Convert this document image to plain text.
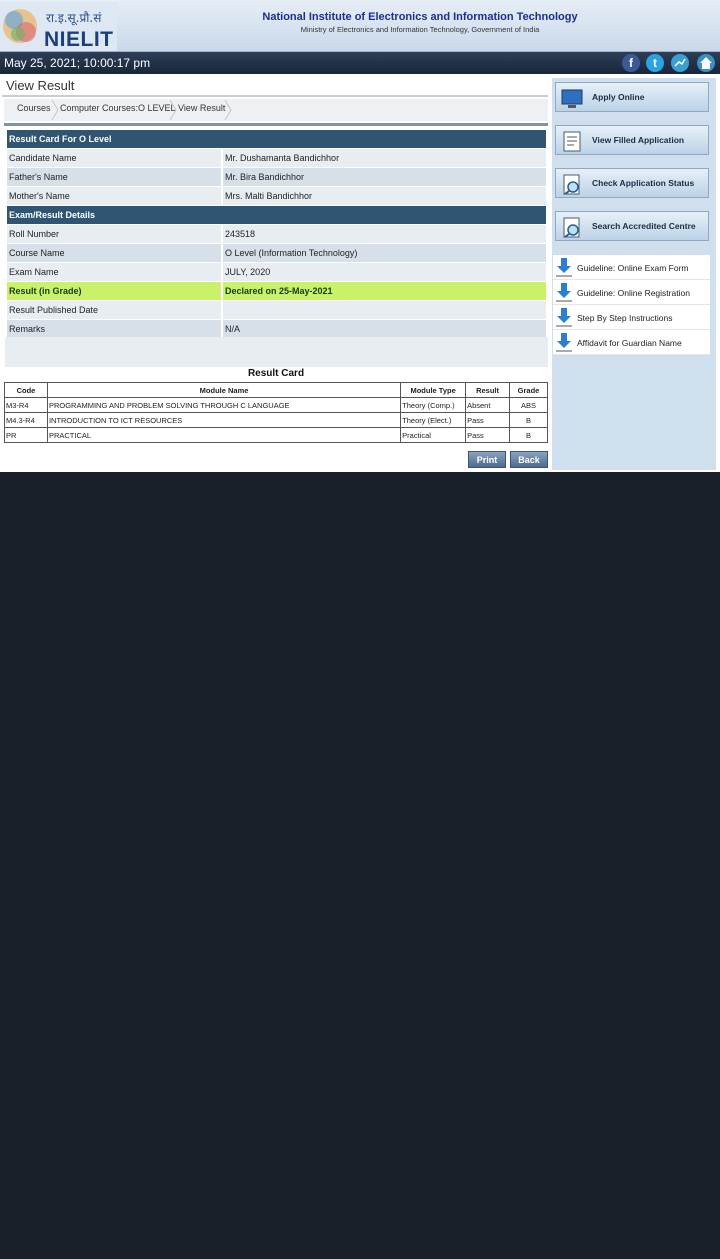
रा.इ.सू.प्रौ.सं
NIELIT
National Institute of Electronics and Information Technology
Ministry of Electronics and Information Technology, Government of India
May 25, 2021; 10:00:17 pm	f	t
View Result
Courses Computer Courses:O LEVEL View Result
Result Card For O Level	
Candidate Name	Mr. Dushamanta Bandichhor
Father's Name	Mr. Bira Bandichhor
Mother's Name	Mrs. Malti Bandichhor
Exam/Result Details	
Roll Number	243518
Course Name	O Level (Information Technology)
Exam Name	JULY, 2020
Result (in Grade)	Declared on 25-May-2021
Result Published Date	
Remarks	N/A
Result Card
Code	Module Name	Module Type	Result	Grade
M3-R4	PROGRAMMING AND PROBLEM SOLVING THROUGH C LANGUAGE	Theory (Comp.)	Absent	ABS
M4.3-R4	INTRODUCTION TO ICT RESOURCES	Theory (Elect.)	Pass	B
PR	PRACTICAL	Practical	Pass	B
Print	Back
Apply Online
View Filled Application
Check Application Status
Search Accredited Centre
Guideline: Online Exam Form
Guideline: Online Registration
Step By Step Instructions
Affidavit for Guardian Name
